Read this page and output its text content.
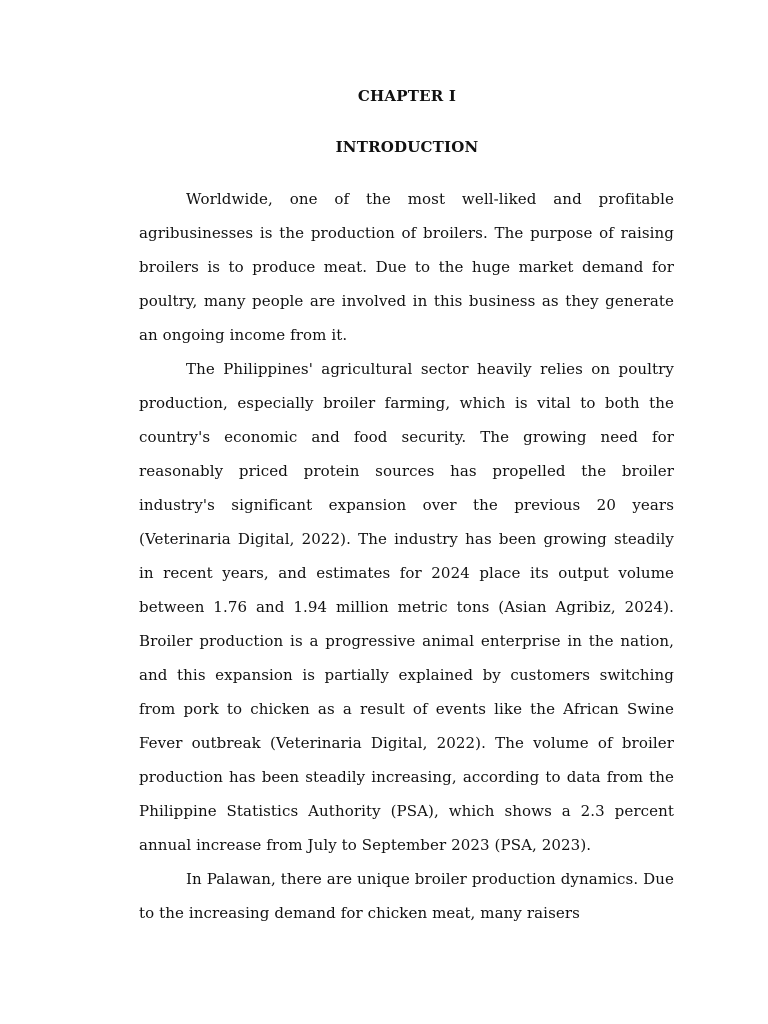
CHAPTER I
INTRODUCTION

Worldwide, one of the most well-liked and profitable agribusinesses is the production of broilers. The purpose of raising broilers is to produce meat. Due to the huge market demand for poultry, many people are involved in this business as they generate an ongoing income from it.

The Philippines' agricultural sector heavily relies on poultry production, especially broiler farming, which is vital to both the country's economic and food security. The growing need for reasonably priced protein sources has propelled the broiler industry's significant expansion over the previous 20 years (Veterinaria Digital, 2022). The industry has been growing steadily in recent years, and estimates for 2024 place its output volume between 1.76 and 1.94 million metric tons (Asian Agribiz, 2024). Broiler production is a progressive animal enterprise in the nation, and this expansion is partially explained by customers switching from pork to chicken as a result of events like the African Swine Fever outbreak (Veterinaria Digital, 2022). The volume of broiler production has been steadily increasing, according to data from the Philippine Statistics Authority (PSA), which shows a 2.3 percent annual increase from July to September 2023 (PSA, 2023).

In Palawan, there are unique broiler production dynamics. Due to the increasing demand for chicken meat, many raisers
